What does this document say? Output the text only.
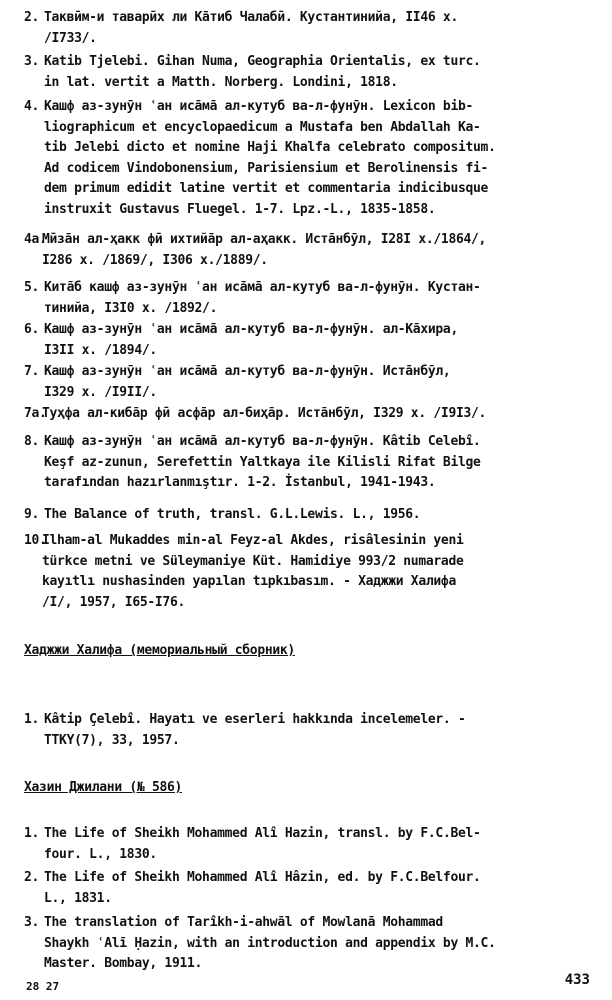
2. Таквӣм-и таварӣх ли Кāтиб Чалабӣ. Кустантинийа, II46 х.
/I733/.
3. Katib Tjelebi. Gihan Numa, Geographia Orientalis, ex turc.
in lat. vertit a Matth. Norberg. Londini, 1818.
4. Кашф аз-зунӯн ʿан исāмā ал-кутуб ва-л-фунӯн. Lexicon bib-
liographicum et encyclopaedicum a Mustafa ben Abdallah Ka-
tib Jelebi dicto et nomine Haji Khalfa celebrato compositum.
Ad codicem Vindobonensium, Parisiensium et Berolinensis fi-
dem primum edidit latine vertit et commentaria indicibusque
instruxit Gustavus Fluegel. 1-7. Lpz.-L., 1835-1858.
4a.
Мӣзāн ал-ҳакк фӣ ихтийāр ал-аҳакк. Истāнбӯл, I28I х./1864/,
I286 х. /1869/, I306 х./1889/.
5. Китāб кашф аз-зунӯн ʿан исāмā ал-кутуб ва-л-фунӯн. Кустан-
тинийа, I3I0 х. /1892/.
6. Кашф аз-зунӯн ʿан исāмā ал-кутуб ва-л-фунӯн. ал-Кāхира,
I3II х. /1894/.
7. Кашф аз-зунӯн ʿан исāмā ал-кутуб ва-л-фунӯн. Истāнбӯл,
I329 х. /I9II/.
7a.
Туҳфа ал-кибāр фӣ асфāр ал-биҳāр. Истāнбӯл, I329 х. /I9I3/.
8. Кашф аз-зунӯн ʿан исāмā ал-кутуб ва-л-фунӯн. Kâtib Celebî.
Keşf az-zunun, Serefettin Yaltkaya ile Kilisli Rifat Bilge
tarafından hazırlanmıştır. 1-2. İstanbul, 1941-1943.
9. The Balance of truth, transl. G.L.Lewis. L., 1956.
10.
Ilham-al Mukaddes min-al Feyz-al Akdes, risâlesinin yeni
türkce metni ve Süleymaniye Küt. Hamidiye 993/2 numarade
kayıtlı nushasinden yapılan tıpkıbasım. - Хаджжи Халифа
/I/, 1957, I65-I76.
Хаджжи Халифа (мемориальный сборник)
1. Kâtip Çelebî. Hayatı ve eserleri hakkında incelemeler. -
TTKY(7), 33, 1957.
Хазин Джилани (№ 586)
1. The Life of Sheikh Mohammed Alî Hazin, transl. by F.C.Bel-
four. L., 1830.
2. The Life of Sheikh Mohammed Alî Hâzin, ed. by F.C.Belfour.
L., 1831.
3. The translation of Tarîkh-i-ahwāl of Mowlanā Mohammad
Shaykh ʿAlī Ḥazin, with an introduction and appendix by M.C.
Master. Bombay, 1911.
28 27	433
